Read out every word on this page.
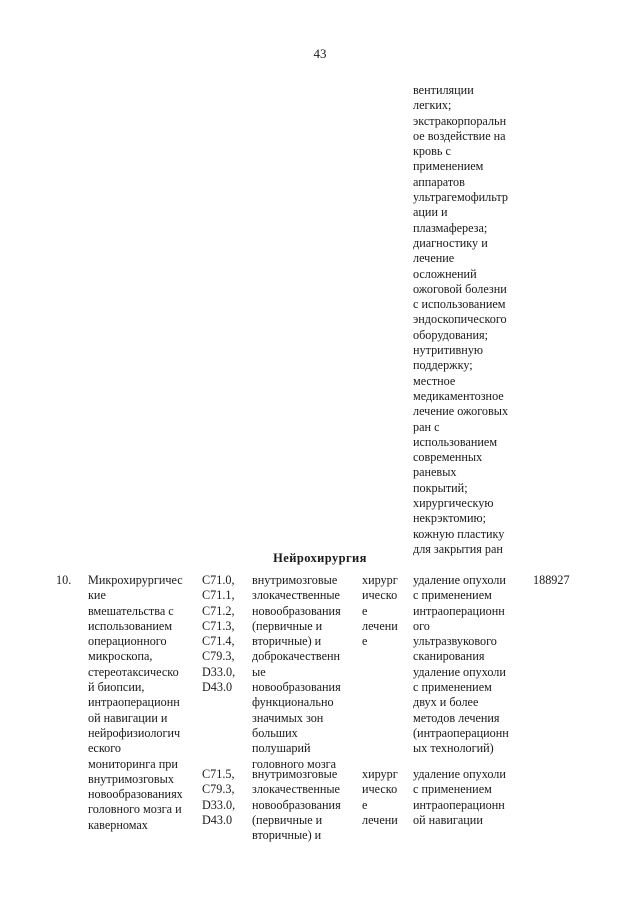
43
вентиляции
легких;
экстракорпоральн
ое воздействие на
кровь с
применением
аппаратов
ультрагемофильтр
ации и
плазмафереза;
диагностику и
лечение
осложнений
ожоговой болезни
с использованием
эндоскопического
оборудования;
нутритивную
поддержку;
местное
медикаментозное
лечение ожоговых
ран с
использованием
современных
раневых
покрытий;
хирургическую
некрэктомию;
кожную пластику
для закрытия ран
Нейрохирургия
10. Микрохирургичес
кие
вмешательства с
использованием
операционного
микроскопа,
стереотаксическо
й биопсии,
интраоперационн
ой навигации и
нейрофизиологич
eского
мониторинга при
внутримозговых
новообразованиях
головного мозга и
каверномах
C71.0,
C71.1,
C71.2,
C71.3,
C71.4,
C79.3,
D33.0,
D43.0
C71.5,
C79.3,
D33.0,
D43.0
внутримозговые
злокачественные
новообразования
(первичные и
вторичные) и
доброкачественн
ые
новообразования
функционально
значимых зон
больших
полушарий
головного мозга
внутримозговые
злокачественные
новообразования
(первичные и
вторичные) и
хирург
ическо
е
лечени
е
хирург
ическо
е
лечени
удаление опухоли
с применением
интраоперационн
ого
ультразвукового
сканирования
удаление опухоли
с применением
двух и более
методов лечения
(интраоперационн
ых технологий)
удаление опухоли
с применением
интраоперационн
ой навигации
188927
